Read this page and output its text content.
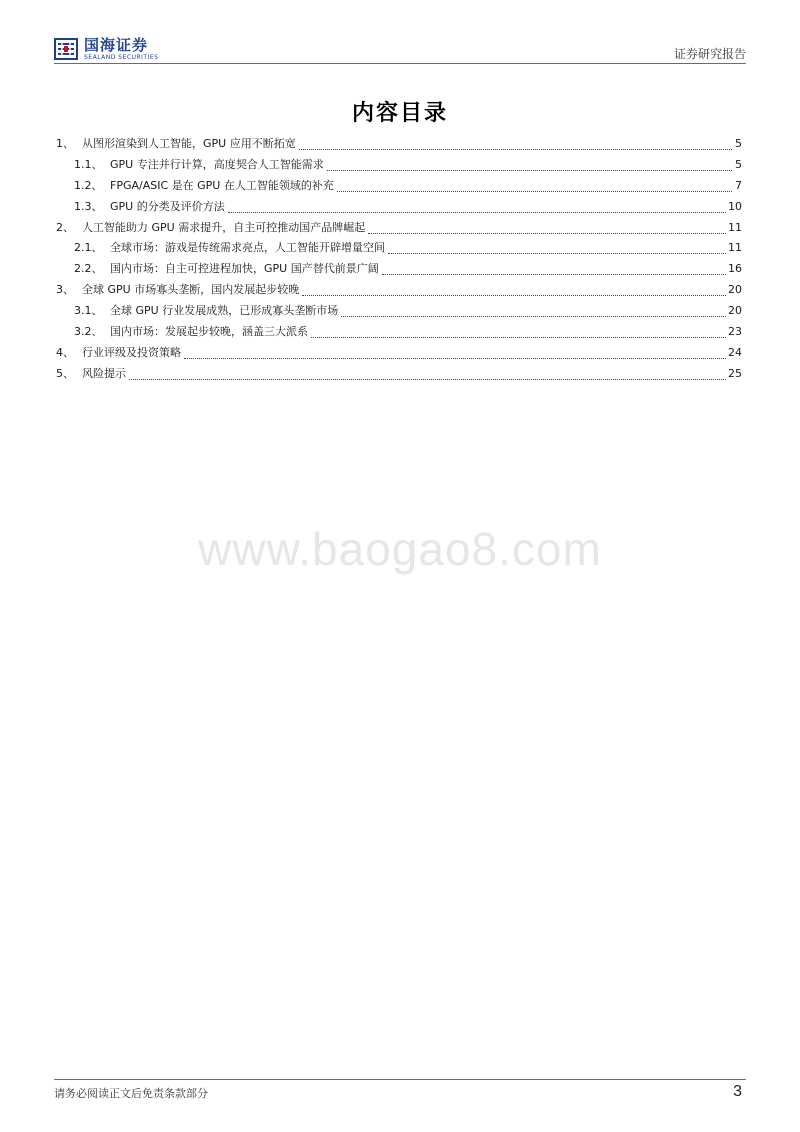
国海证券
SEALAND SECURITIES	证券研究报告
内容目录
1、 从图形渲染到人工智能，GPU 应用不断拓宽	5
1.1、 GPU 专注并行计算，高度契合人工智能需求	5
1.2、 FPGA/ASIC 是在 GPU 在人工智能领域的补充	7
1.3、 GPU 的分类及评价方法	10
2、 人工智能助力 GPU 需求提升，自主可控推动国产品牌崛起	11
2.1、 全球市场：游戏是传统需求亮点，人工智能开辟增量空间	11
2.2、 国内市场：自主可控进程加快，GPU 国产替代前景广阔	16
3、 全球 GPU 市场寡头垄断，国内发展起步较晚	20
3.1、 全球 GPU 行业发展成熟，已形成寡头垄断市场	20
3.2、 国内市场：发展起步较晚，涵盖三大派系	23
4、 行业评级及投资策略	24
5、 风险提示	25
www.baogao8.com
请务必阅读正文后免责条款部分	3
